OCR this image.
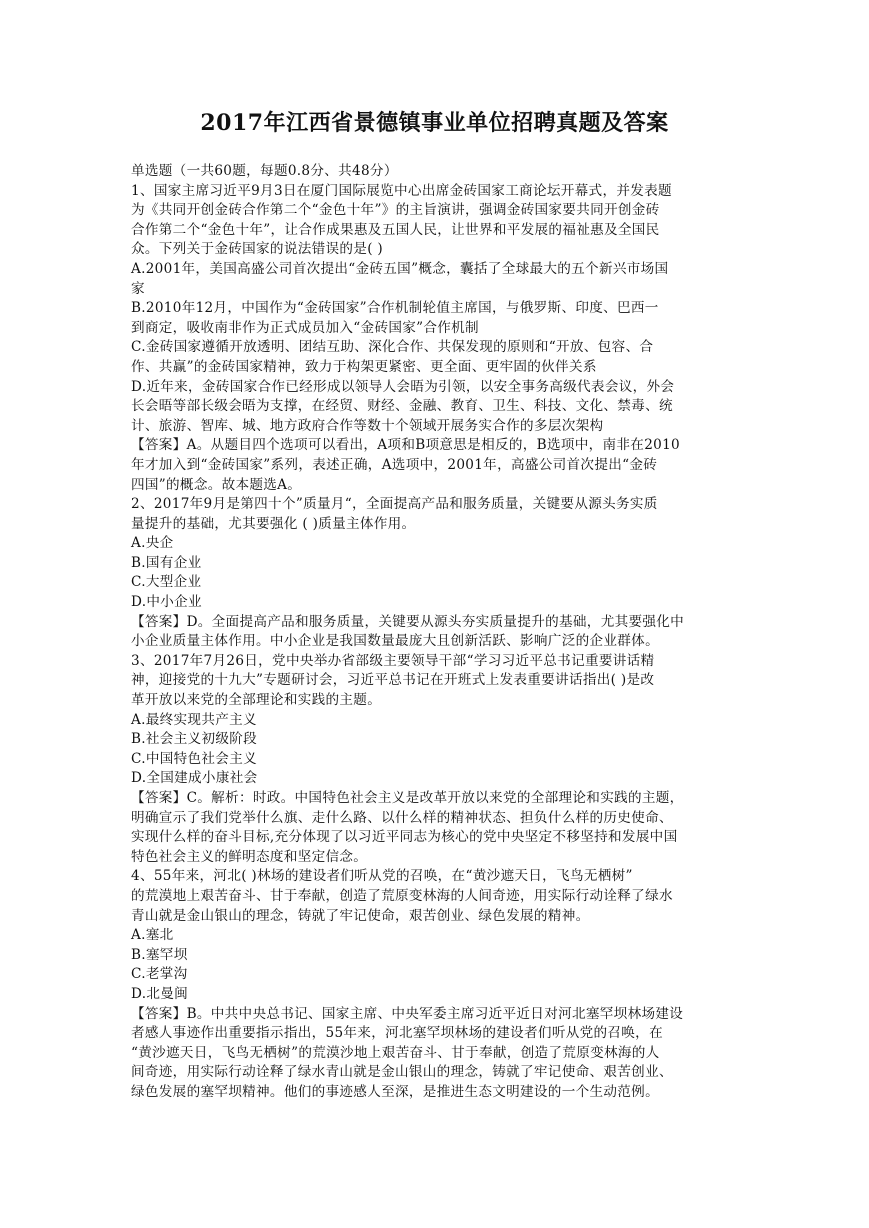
2017年江西省景德镇事业单位招聘真题及答案
单选题（一共60题，每题0.8分、共48分）
1、国家主席习近平9月3日在厦门国际展览中心出席金砖国家工商论坛开幕式，并发表题
为《共同开创金砖合作第二个“金色十年”》的主旨演讲，强调金砖国家要共同开创金砖
合作第二个“金色十年”，让合作成果惠及五国人民，让世界和平发展的福祉惠及全国民
众。下列关于金砖国家的说法错误的是( )
A.2001年，美国高盛公司首次提出“金砖五国”概念，囊括了全球最大的五个新兴市场国
家
B.2010年12月，中国作为“金砖国家”合作机制轮值主席国，与俄罗斯、印度、巴西一
到商定，吸收南非作为正式成员加入“金砖国家”合作机制
C.金砖国家遵循开放透明、团结互助、深化合作、共保发现的原则和“开放、包容、合
作、共赢”的金砖国家精神，致力于构架更紧密、更全面、更牢固的伙伴关系
D.近年来，金砖国家合作已经形成以领导人会晤为引领，以安全事务高级代表会议，外会
长会晤等部长级会晤为支撑，在经贸、财经、金融、教育、卫生、科技、文化、禁毒、统
计、旅游、智库、城、地方政府合作等数十个领域开展务实合作的多层次架构
【答案】A。从题目四个选项可以看出，A项和B项意思是相反的，B选项中，南非在2010
年才加入到“金砖国家”系列，表述正确，A选项中，2001年，高盛公司首次提出“金砖
四国”的概念。故本题选A。
2、2017年9月是第四十个”质量月“，全面提高产品和服务质量，关键要从源头务实质
量提升的基础，尤其要强化 ( )质量主体作用。
A.央企
B.国有企业
C.大型企业
D.中小企业
【答案】D。全面提高产品和服务质量，关键要从源头夯实质量提升的基础，尤其要强化中
小企业质量主体作用。中小企业是我国数量最庞大且创新活跃、影响广泛的企业群体。
3、2017年7月26日，党中央举办省部级主要领导干部“学习习近平总书记重要讲话精
神，迎接党的十九大”专题研讨会，习近平总书记在开班式上发表重要讲话指出( )是改
革开放以来党的全部理论和实践的主题。
A.最终实现共产主义
B.社会主义初级阶段
C.中国特色社会主义
D.全国建成小康社会
【答案】C。解析：时政。中国特色社会主义是改革开放以来党的全部理论和实践的主题，
明确宣示了我们党举什么旗、走什么路、以什么样的精神状态、担负什么样的历史使命、
实现什么样的奋斗目标,充分体现了以习近平同志为核心的党中央坚定不移坚持和发展中国
特色社会主义的鲜明态度和坚定信念。
4、55年来，河北( )林场的建设者们听从党的召唤，在“黄沙遮天日，飞鸟无栖树”
的荒漠地上艰苦奋斗、甘于奉献，创造了荒原变林海的人间奇迹，用实际行动诠释了绿水
青山就是金山银山的理念，铸就了牢记使命，艰苦创业、绿色发展的精神。
A.塞北
B.塞罕坝
C.老掌沟
D.北曼闽
【答案】B。中共中央总书记、国家主席、中央军委主席习近平近日对河北塞罕坝林场建设
者感人事迹作出重要指示指出，55年来，河北塞罕坝林场的建设者们听从党的召唤，在
“黄沙遮天日，飞鸟无栖树”的荒漠沙地上艰苦奋斗、甘于奉献，创造了荒原变林海的人
间奇迹，用实际行动诠释了绿水青山就是金山银山的理念，铸就了牢记使命、艰苦创业、
绿色发展的塞罕坝精神。他们的事迹感人至深，是推进生态文明建设的一个生动范例。
